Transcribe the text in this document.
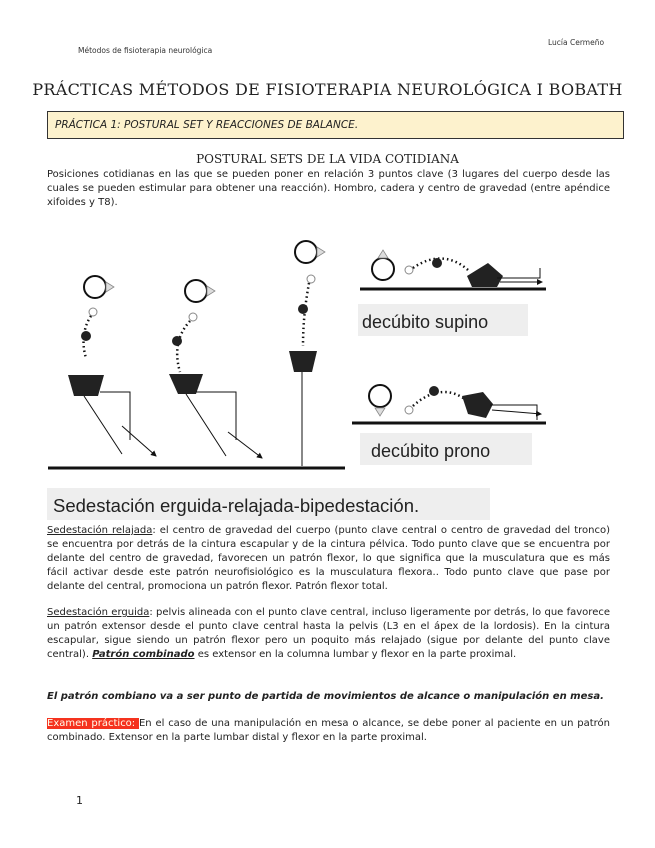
Métodos de fisioterapia neurológica
Lucía Cermeño
PRÁCTICAS MÉTODOS DE FISIOTERAPIA NEUROLÓGICA I BOBATH
PRÁCTICA 1: POSTURAL SET Y REACCIONES DE BALANCE.
POSTURAL SETS DE LA VIDA COTIDIANA
Posiciones cotidianas en las que se pueden poner en relación 3 puntos clave (3 lugares del cuerpo desde las cuales se pueden estimular para obtener una reacción). Hombro, cadera y centro de gravedad (entre apéndice xifoides y T8).
decúbito supino
decúbito prono
Sedestación erguida-relajada-bipedestación.
Sedestación relajada: el centro de gravedad del cuerpo (punto clave central o centro de gravedad del tronco) se encuentra por detrás de la cintura escapular y de la cintura pélvica. Todo punto clave que se encuentra por delante del centro de gravedad, favorecen un patrón flexor, lo que significa que la musculatura que es más fácil activar desde este patrón neurofisiológico es la musculatura flexora.. Todo punto clave que pase por delante del central, promociona un patrón flexor. Patrón flexor total.
Sedestación erguida: pelvis alineada con el punto clave central, incluso ligeramente por detrás, lo que favorece un patrón extensor desde el punto clave central hasta la pelvis (L3 en el ápex de la lordosis). En la cintura escapular, sigue siendo un patrón flexor pero un poquito más relajado (sigue por delante del punto clave central). Patrón combinado es extensor en la columna lumbar y flexor en la parte proximal.
El patrón combiano va a ser punto de partida de movimientos de alcance o manipulación en mesa.
Examen práctico: En el caso de una manipulación en mesa o alcance, se debe poner al paciente en un patrón combinado. Extensor en la parte lumbar distal y flexor en la parte proximal.
1
